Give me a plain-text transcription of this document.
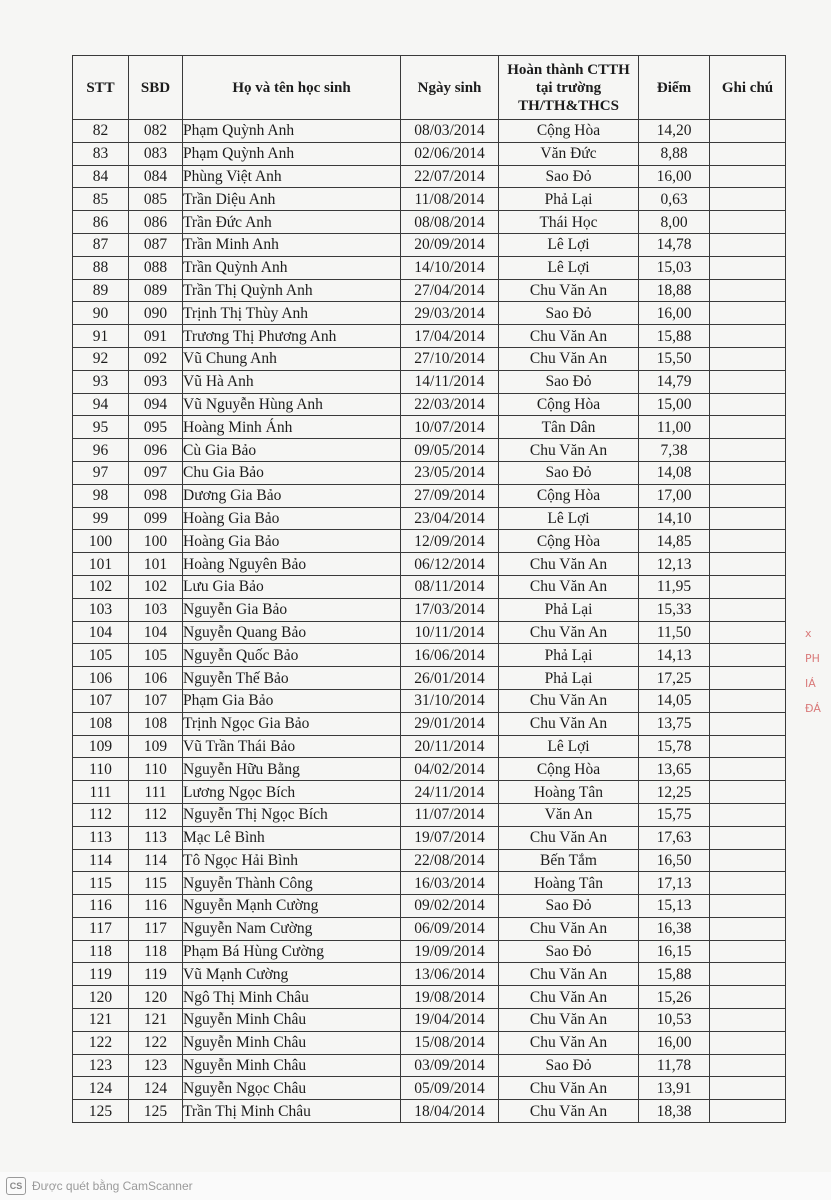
STT	SBD	Họ và tên học sinh	Ngày sinh	Hoàn thành CTTH tại trường TH/TH&THCS	Điểm	Ghi chú
82	082	Phạm Quỳnh Anh	08/03/2014	Cộng Hòa	14,20	
83	083	Phạm Quỳnh Anh	02/06/2014	Văn Đức	8,88	
84	084	Phùng Việt Anh	22/07/2014	Sao Đỏ	16,00	
85	085	Trần Diệu Anh	11/08/2014	Phả Lại	0,63	
86	086	Trần Đức Anh	08/08/2014	Thái Học	8,00	
87	087	Trần Minh Anh	20/09/2014	Lê Lợi	14,78	
88	088	Trần Quỳnh Anh	14/10/2014	Lê Lợi	15,03	
89	089	Trần Thị Quỳnh Anh	27/04/2014	Chu Văn An	18,88	
90	090	Trịnh Thị Thùy Anh	29/03/2014	Sao Đỏ	16,00	
91	091	Trương Thị Phương Anh	17/04/2014	Chu Văn An	15,88	
92	092	Vũ Chung Anh	27/10/2014	Chu Văn An	15,50	
93	093	Vũ Hà Anh	14/11/2014	Sao Đỏ	14,79	
94	094	Vũ Nguyễn Hùng Anh	22/03/2014	Cộng Hòa	15,00	
95	095	Hoàng Minh Ánh	10/07/2014	Tân Dân	11,00	
96	096	Cù Gia Bảo	09/05/2014	Chu Văn An	7,38	
97	097	Chu Gia Bảo	23/05/2014	Sao Đỏ	14,08	
98	098	Dương Gia Bảo	27/09/2014	Cộng Hòa	17,00	
99	099	Hoàng Gia Bảo	23/04/2014	Lê Lợi	14,10	
100	100	Hoàng Gia Bảo	12/09/2014	Cộng Hòa	14,85	
101	101	Hoàng Nguyên Bảo	06/12/2014	Chu Văn An	12,13	
102	102	Lưu Gia Bảo	08/11/2014	Chu Văn An	11,95	
103	103	Nguyễn Gia Bảo	17/03/2014	Phả Lại	15,33	
104	104	Nguyễn Quang Bảo	10/11/2014	Chu Văn An	11,50	
105	105	Nguyễn Quốc Bảo	16/06/2014	Phả Lại	14,13	
106	106	Nguyễn Thế Bảo	26/01/2014	Phả Lại	17,25	
107	107	Phạm Gia Bảo	31/10/2014	Chu Văn An	14,05	
108	108	Trịnh Ngọc Gia Bảo	29/01/2014	Chu Văn An	13,75	
109	109	Vũ Trần Thái Bảo	20/11/2014	Lê Lợi	15,78	
110	110	Nguyễn Hữu Bằng	04/02/2014	Cộng Hòa	13,65	
111	111	Lương Ngọc Bích	24/11/2014	Hoàng Tân	12,25	
112	112	Nguyễn Thị Ngọc Bích	11/07/2014	Văn An	15,75	
113	113	Mạc Lê Bình	19/07/2014	Chu Văn An	17,63	
114	114	Tô Ngọc Hải Bình	22/08/2014	Bến Tắm	16,50	
115	115	Nguyễn Thành Công	16/03/2014	Hoàng Tân	17,13	
116	116	Nguyễn Mạnh Cường	09/02/2014	Sao Đỏ	15,13	
117	117	Nguyễn Nam Cường	06/09/2014	Chu Văn An	16,38	
118	118	Phạm Bá Hùng Cường	19/09/2014	Sao Đỏ	16,15	
119	119	Vũ Mạnh Cường	13/06/2014	Chu Văn An	15,88	
120	120	Ngô Thị Minh Châu	19/08/2014	Chu Văn An	15,26	
121	121	Nguyễn Minh Châu	19/04/2014	Chu Văn An	10,53	
122	122	Nguyễn Minh Châu	15/08/2014	Chu Văn An	16,00	
123	123	Nguyễn Minh Châu	03/09/2014	Sao Đỏ	11,78	
124	124	Nguyễn Ngọc Châu	05/09/2014	Chu Văn An	13,91	
125	125	Trần Thị Minh Châu	18/04/2014	Chu Văn An	18,38	
x
PH
IÁ
ĐÁ
CS Được quét bằng CamScanner
